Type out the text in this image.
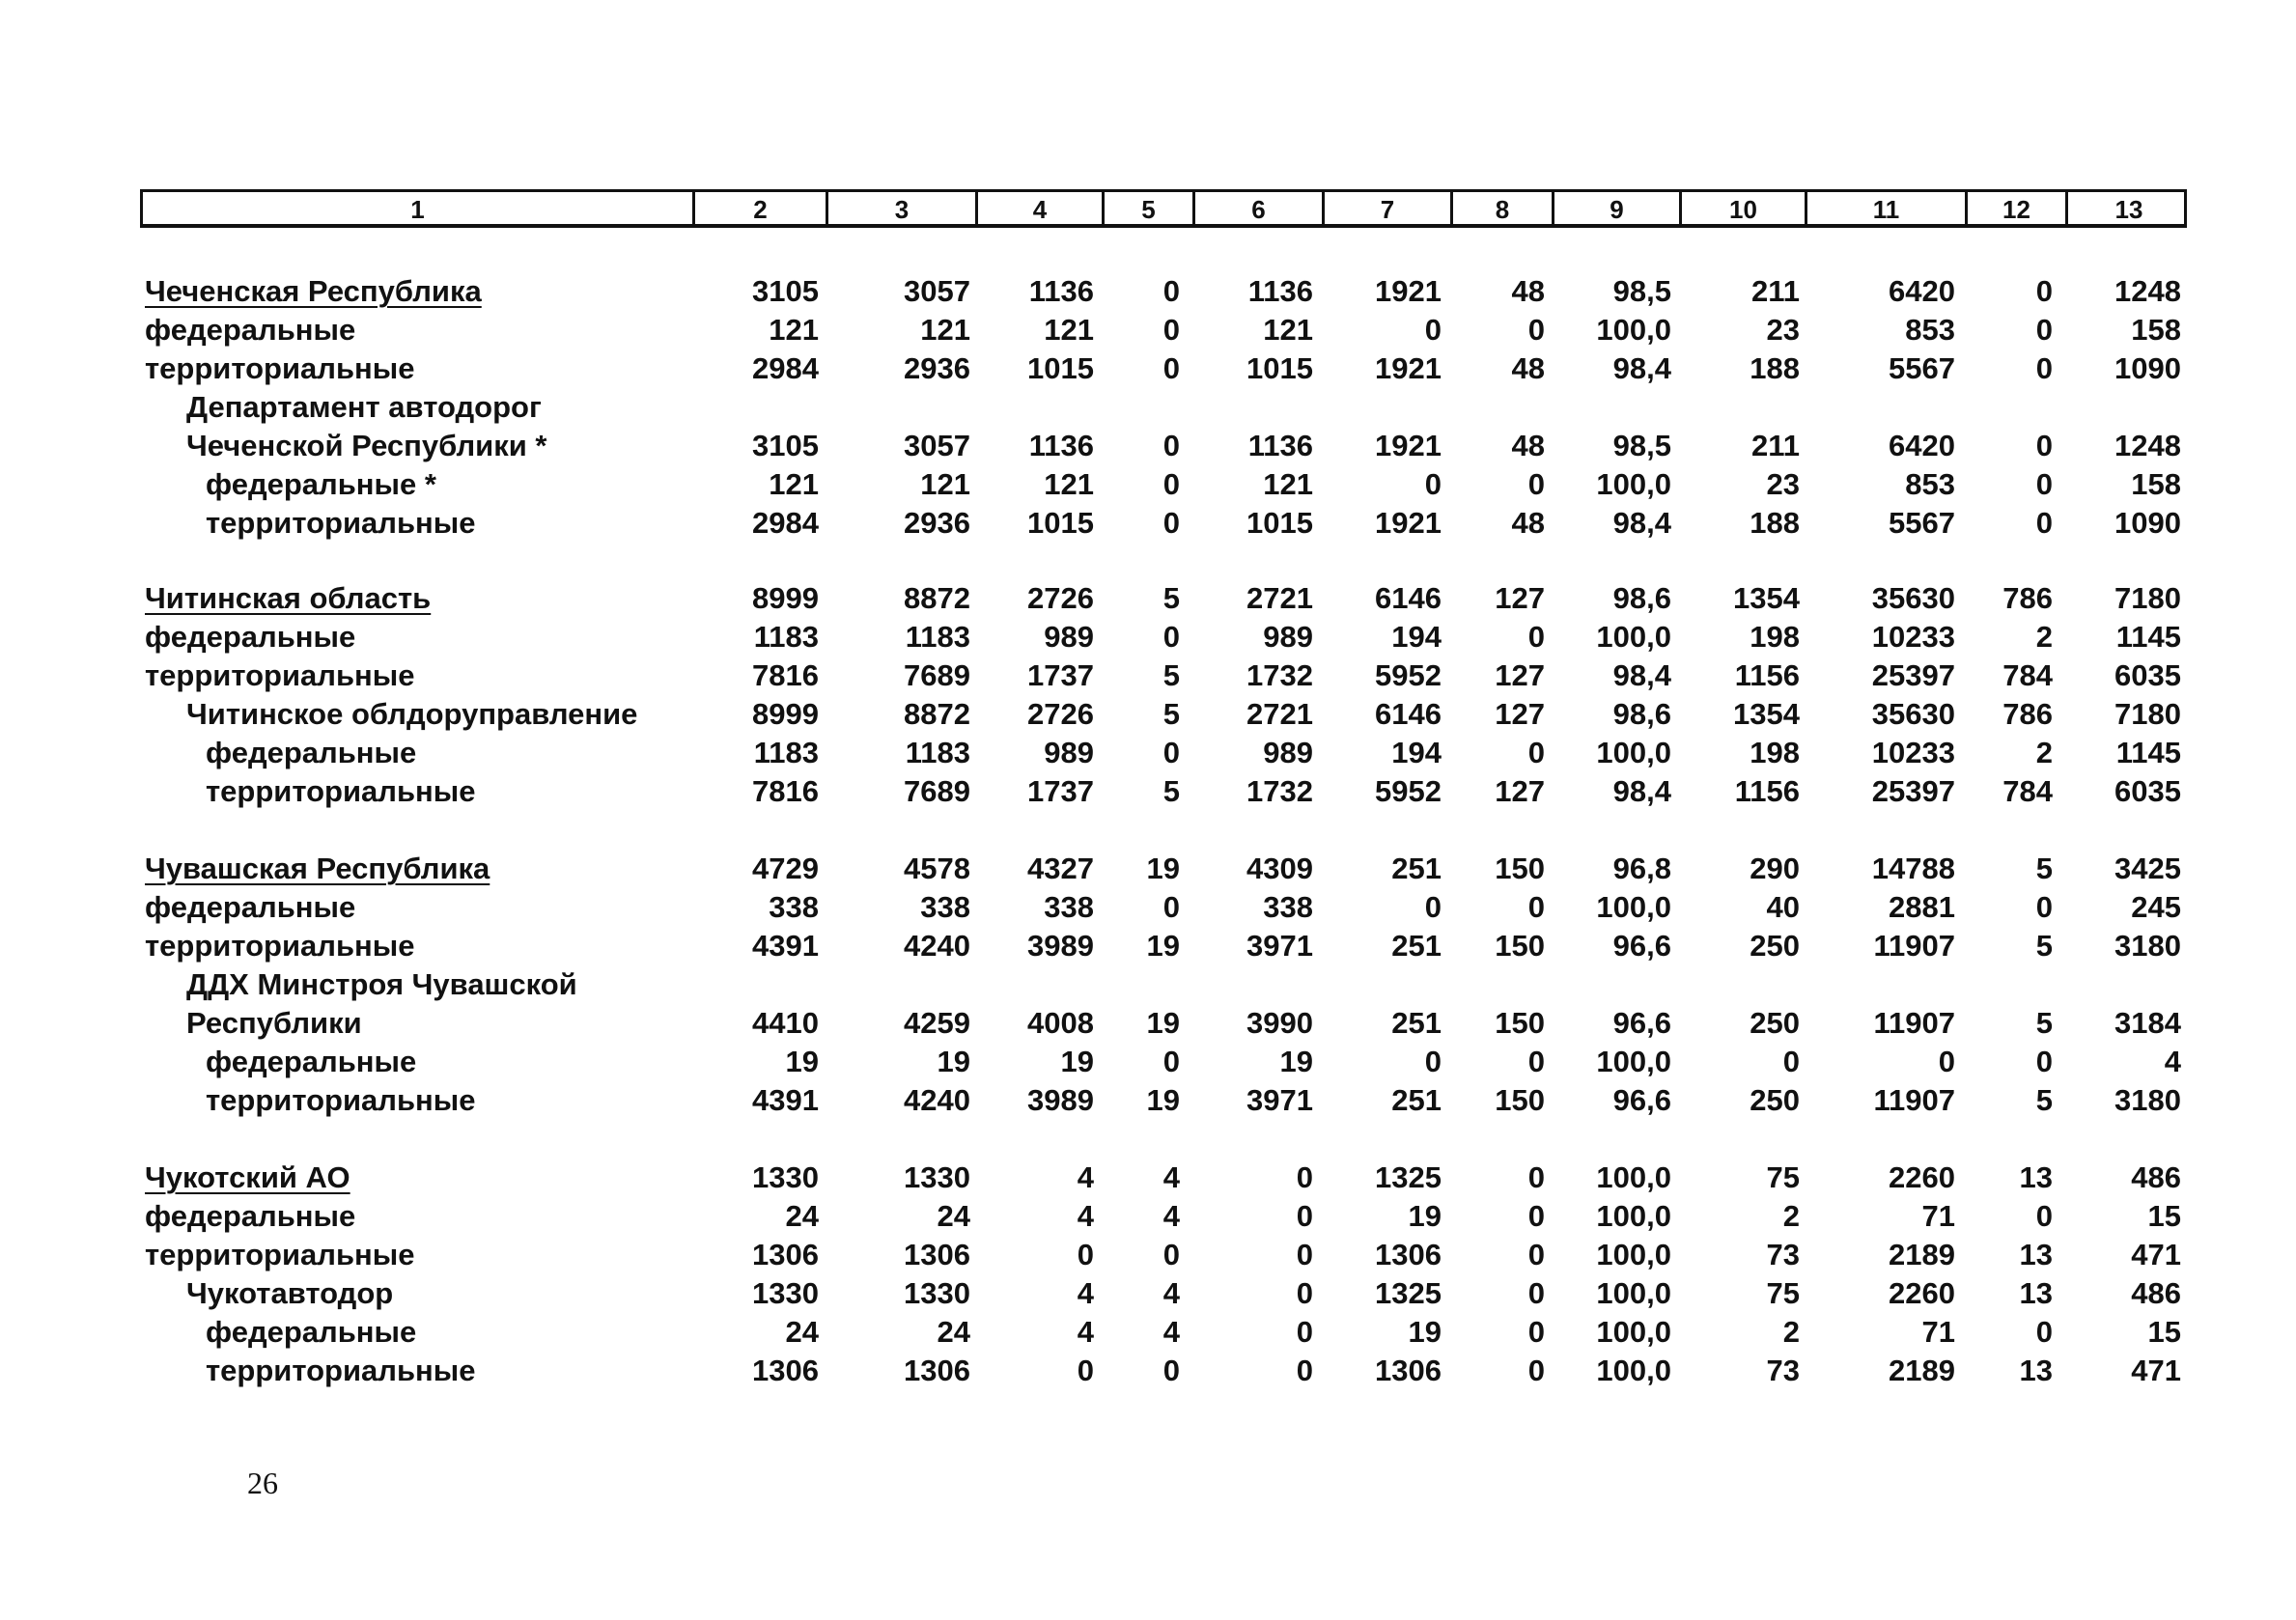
1	2	3	4	5	6	7	8	9	10	11	12	13
Чеченская Республика	3105	3057	1136	0	1136	1921	48	98,5	211	6420	0	1248
федеральные	121	121	121	0	121	0	0	100,0	23	853	0	158
территориальные	2984	2936	1015	0	1015	1921	48	98,4	188	5567	0	1090
Департамент автодорог
Чеченской Республики *	3105	3057	1136	0	1136	1921	48	98,5	211	6420	0	1248
федеральные *	121	121	121	0	121	0	0	100,0	23	853	0	158
территориальные	2984	2936	1015	0	1015	1921	48	98,4	188	5567	0	1090
Читинская область	8999	8872	2726	5	2721	6146	127	98,6	1354	35630	786	7180
федеральные	1183	1183	989	0	989	194	0	100,0	198	10233	2	1145
территориальные	7816	7689	1737	5	1732	5952	127	98,4	1156	25397	784	6035
Читинское облдоруправление	8999	8872	2726	5	2721	6146	127	98,6	1354	35630	786	7180
федеральные	1183	1183	989	0	989	194	0	100,0	198	10233	2	1145
территориальные	7816	7689	1737	5	1732	5952	127	98,4	1156	25397	784	6035
Чувашская Республика	4729	4578	4327	19	4309	251	150	96,8	290	14788	5	3425
федеральные	338	338	338	0	338	0	0	100,0	40	2881	0	245
территориальные	4391	4240	3989	19	3971	251	150	96,6	250	11907	5	3180
ДДХ Минстроя Чувашской
Республики	4410	4259	4008	19	3990	251	150	96,6	250	11907	5	3184
федеральные	19	19	19	0	19	0	0	100,0	0	0	0	4
территориальные	4391	4240	3989	19	3971	251	150	96,6	250	11907	5	3180
Чукотский АО	1330	1330	4	4	0	1325	0	100,0	75	2260	13	486
федеральные	24	24	4	4	0	19	0	100,0	2	71	0	15
территориальные	1306	1306	0	0	0	1306	0	100,0	73	2189	13	471
Чукотавтодор	1330	1330	4	4	0	1325	0	100,0	75	2260	13	486
федеральные	24	24	4	4	0	19	0	100,0	2	71	0	15
территориальные	1306	1306	0	0	0	1306	0	100,0	73	2189	13	471
26
